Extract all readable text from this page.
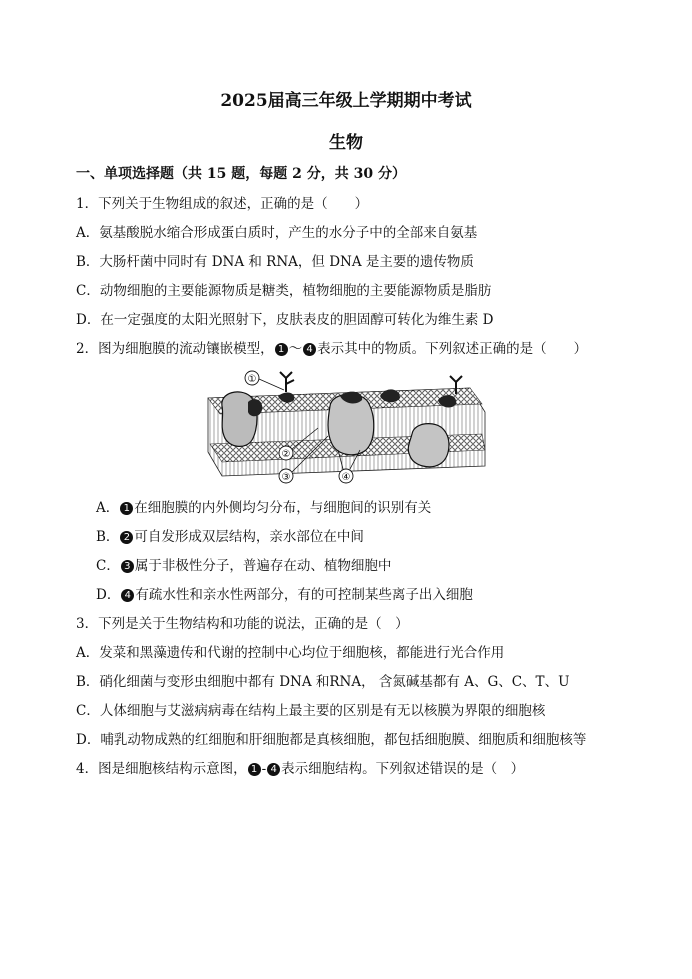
2025届高三年级上学期期中考试
生物
一、单项选择题（共 15 题，每题 2 分，共 30 分）
1．下列关于生物组成的叙述，正确的是（　　）
A．氨基酸脱水缩合形成蛋白质时，产生的水分子中的全部来自氨基
B．大肠杆菌中同时有 DNA 和 RNA，但 DNA 是主要的遗传物质
C．动物细胞的主要能源物质是糖类，植物细胞的主要能源物质是脂肪
D．在一定强度的太阳光照射下，皮肤表皮的胆固醇可转化为维生素 D
2．图为细胞膜的流动镶嵌模型， 1 ～ 4 表示其中的物质。下列叙述正确的是（　　）
①
②
③	④
A． 1 在细胞膜的内外侧均匀分布，与细胞间的识别有关
B． 2 可自发形成双层结构，亲水部位在中间
C． 3 属于非极性分子，普遍存在动、植物细胞中
D． 4 有疏水性和亲水性两部分，有的可控制某些离子出入细胞
3．下列是关于生物结构和功能的说法，正确的是（　）
A．发菜和黑藻遗传和代谢的控制中心均位于细胞核，都能进行光合作用
B．硝化细菌与变形虫细胞中都有 DNA 和RNA， 含氮碱基都有 A、G、C、T、U
C．人体细胞与艾滋病病毒在结构上最主要的区别是有无以核膜为界限的细胞核
D．哺乳动物成熟的红细胞和肝细胞都是真核细胞，都包括细胞膜、细胞质和细胞核等
4．图是细胞核结构示意图， 1 - 4 表示细胞结构。下列叙述错误的是（　）
